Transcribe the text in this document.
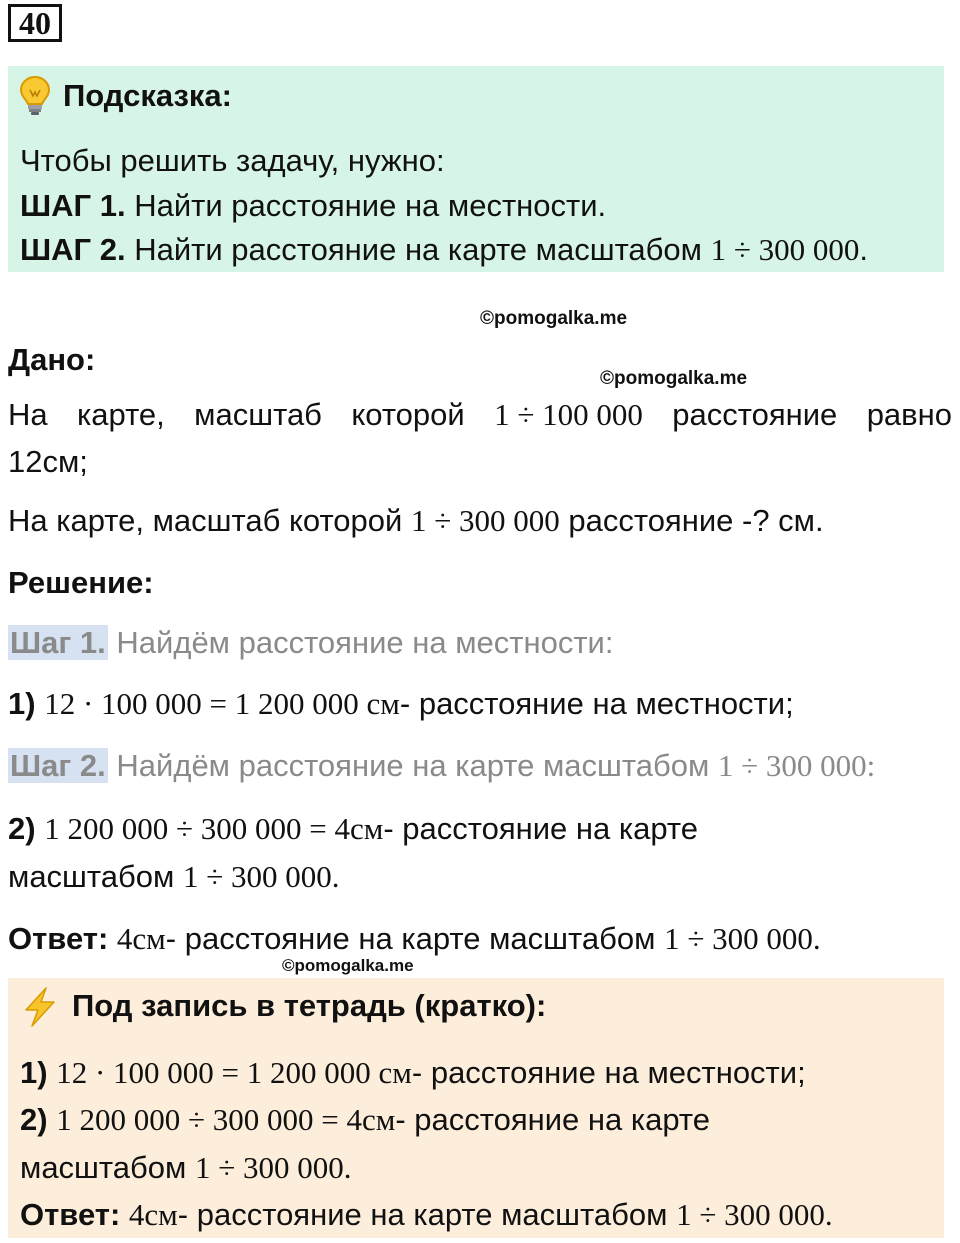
40
Подсказка:
Чтобы решить задачу, нужно:
ШАГ 1. Найти расстояние на местности.
ШАГ 2. Найти расстояние на карте масштабом 1 ÷ 300 000.
©pomogalka.me
©pomogalka.me
©pomogalka.me
Дано:
На карте, масштаб которой 1 ÷ 100 000 расстояние равно
12см;
На карте, масштаб которой 1 ÷ 300 000 расстояние -? см.
Решение:
Шаг 1. Найдём расстояние на местности:
1) 12 · 100 000 = 1 200 000 см- расстояние на местности;
Шаг 2. Найдём расстояние на карте масштабом 1 ÷ 300 000:
2) 1 200 000 ÷ 300 000 = 4см- расстояние на карте
масштабом 1 ÷ 300 000.
Ответ: 4см- расстояние на карте масштабом 1 ÷ 300 000.
Под запись в тетрадь (кратко):
1) 12 · 100 000 = 1 200 000 см- расстояние на местности;
2) 1 200 000 ÷ 300 000 = 4см- расстояние на карте
масштабом 1 ÷ 300 000.
Ответ: 4см- расстояние на карте масштабом 1 ÷ 300 000.
